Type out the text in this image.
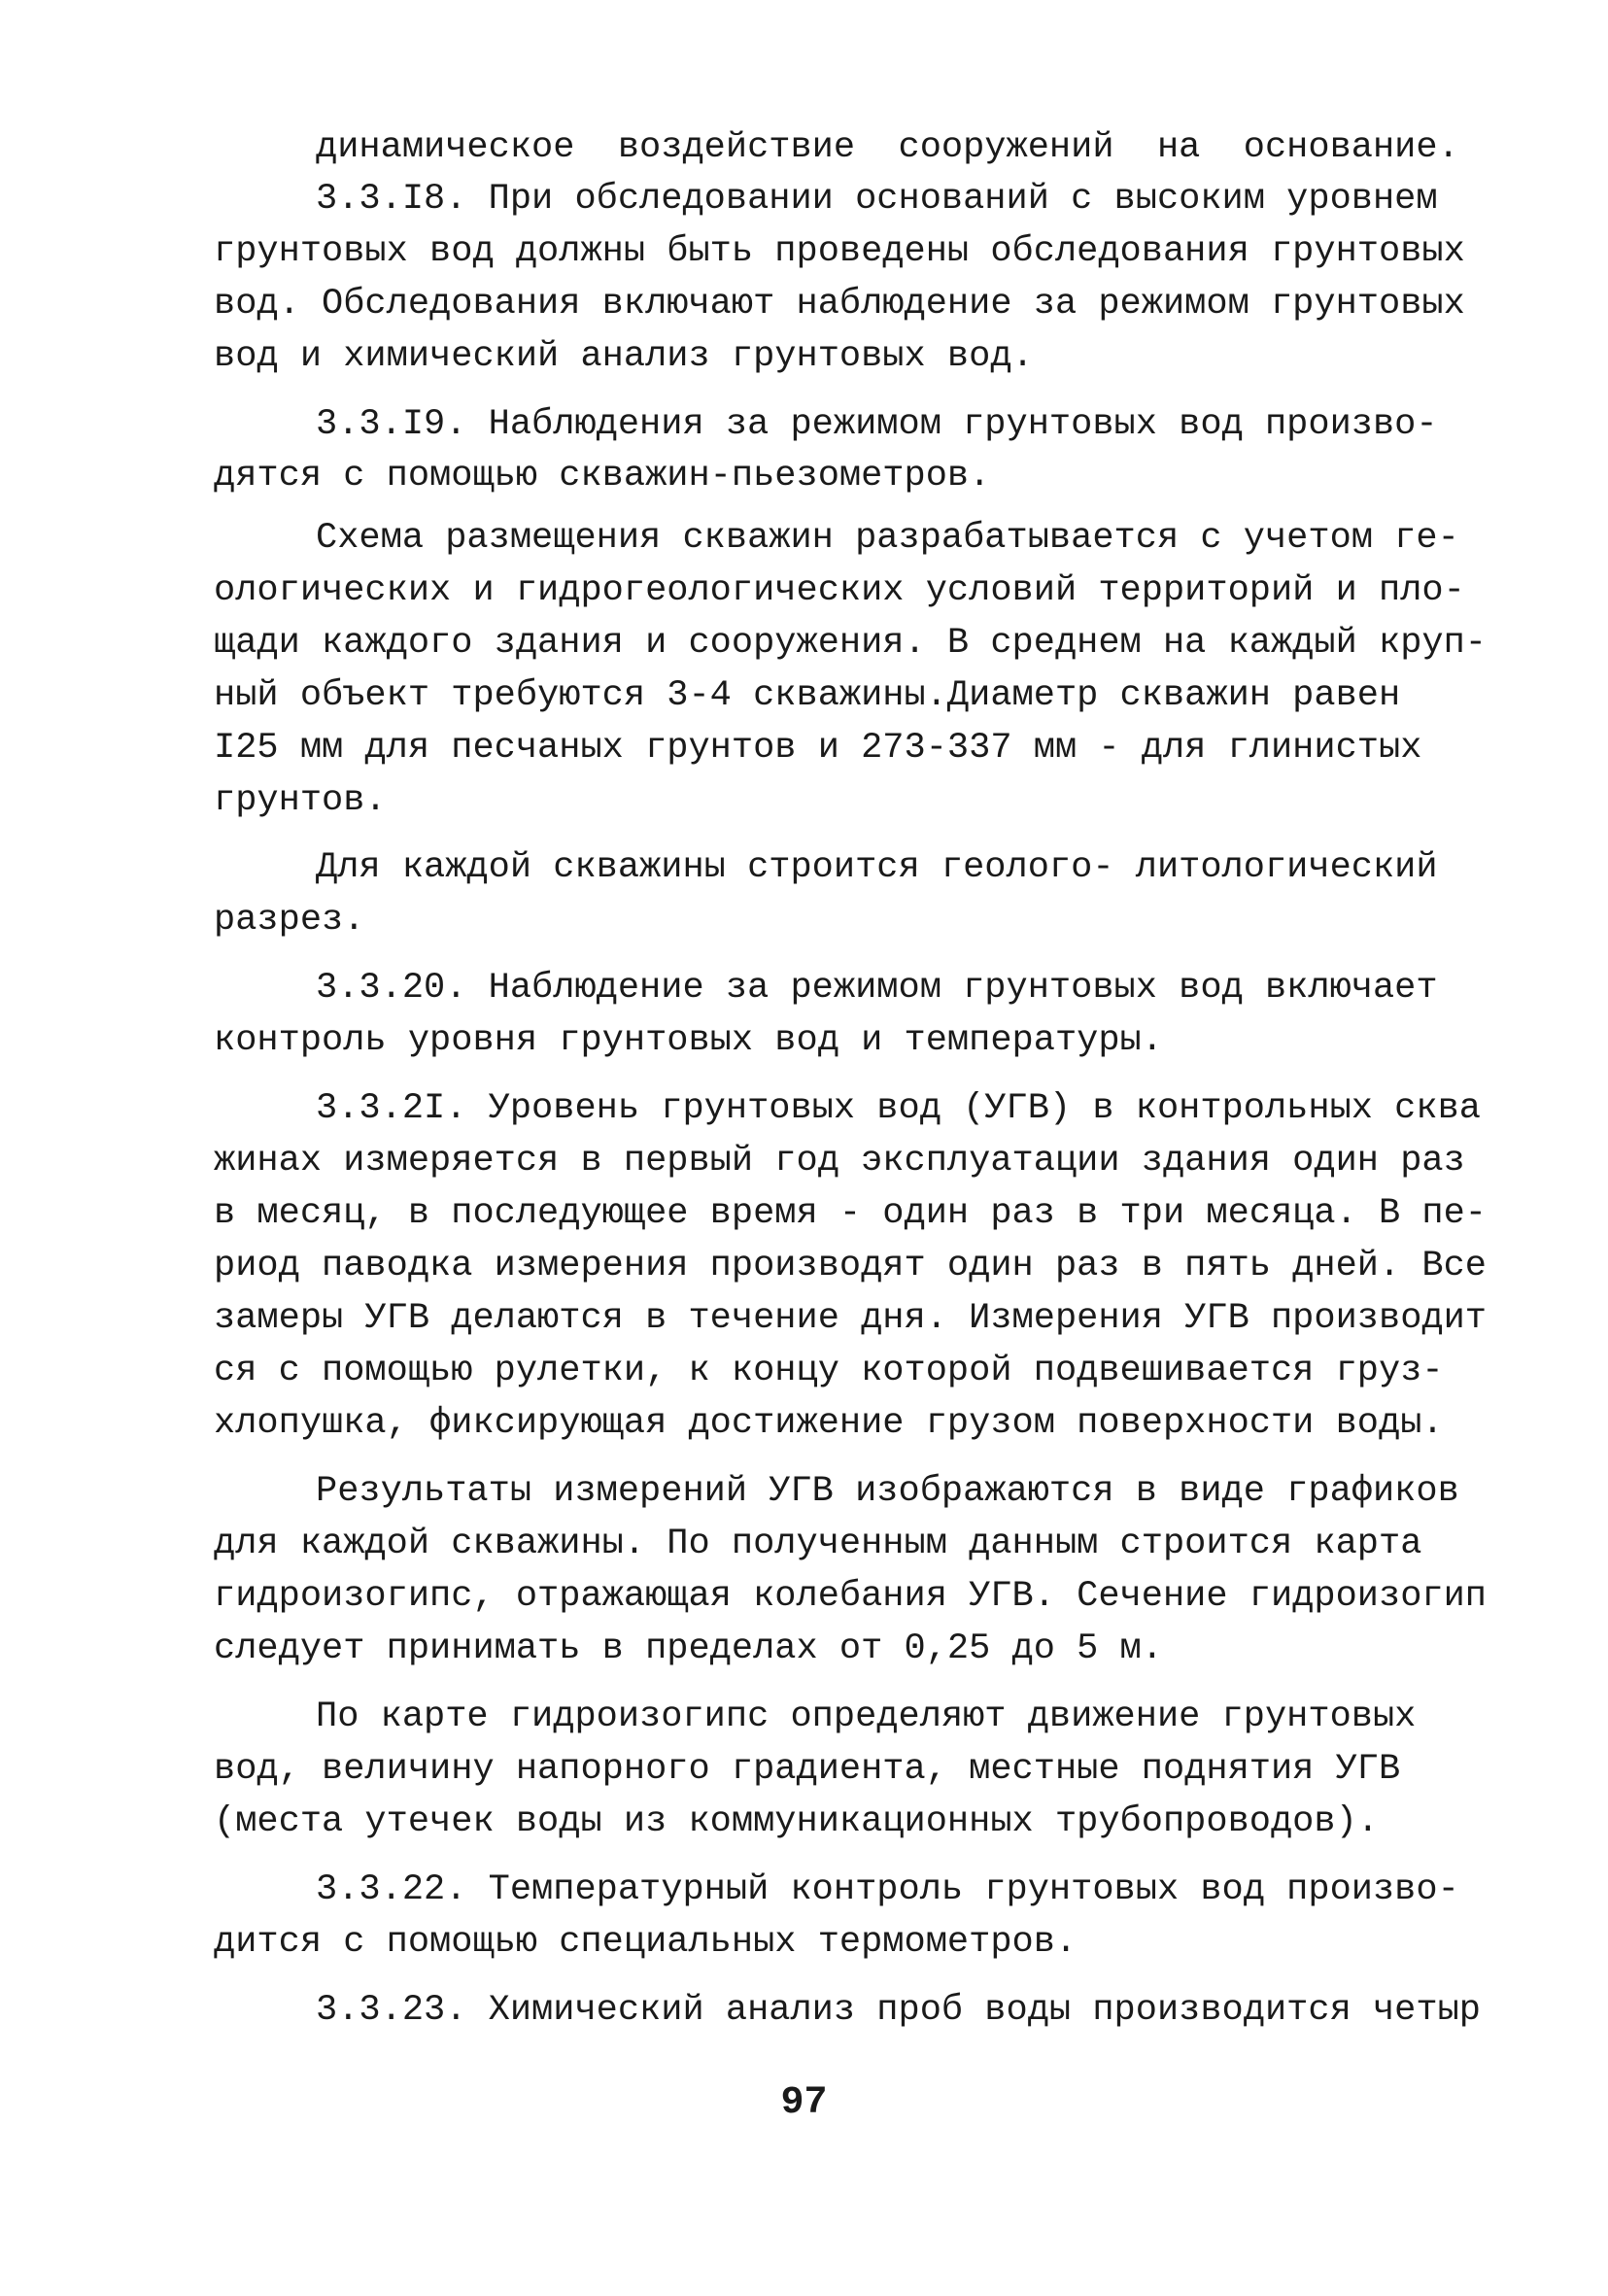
динамическое  воздействие  сооружений  на  основание.
3.3.I8. При обследовании оснований с высоким уровнем
грунтовых вод должны быть проведены обследования грунтовых
вод. Обследования включают наблюдение за режимом грунтовых
вод и химический анализ грунтовых вод.
3.3.I9. Наблюдения за режимом грунтовых вод произво-
дятся с помощью скважин-пьезометров.
Схема размещения скважин разрабатывается с учетом ге-
ологических и гидрогеологических условий территорий и пло-
щади каждого здания и сооружения. В среднем на каждый круп-
ный объект требуются 3-4 скважины.Диаметр скважин равен
I25 мм для песчаных грунтов и 273-337 мм - для глинистых
грунтов.
Для каждой скважины строится геолого- литологический
разрез.
3.3.20. Наблюдение за режимом грунтовых вод включает
контроль уровня грунтовых вод и температуры.
3.3.2I. Уровень грунтовых вод (УГВ) в контрольных сква
жинах измеряется в первый год эксплуатации здания один раз
в месяц, в последующее время - один раз в три месяца. В пе-
риод паводка измерения производят один раз в пять дней. Все
замеры УГВ делаются в течение дня. Измерения УГВ производит
ся с помощью рулетки, к концу которой подвешивается груз-
хлопушка, фиксирующая достижение грузом поверхности воды.
Результаты измерений УГВ изображаются в виде графиков
для каждой скважины. По полученным данным строится карта
гидроизогипс, отражающая колебания УГВ. Сечение гидроизогип
следует принимать в пределах от 0,25 до 5 м.
По карте гидроизогипс определяют движение грунтовых
вод, величину напорного градиента, местные поднятия УГВ
(места утечек воды из коммуникационных трубопроводов).
3.3.22. Температурный контроль грунтовых вод произво-
дится с помощью специальных термометров.
3.3.23. Химический анализ проб воды производится четыр
97
